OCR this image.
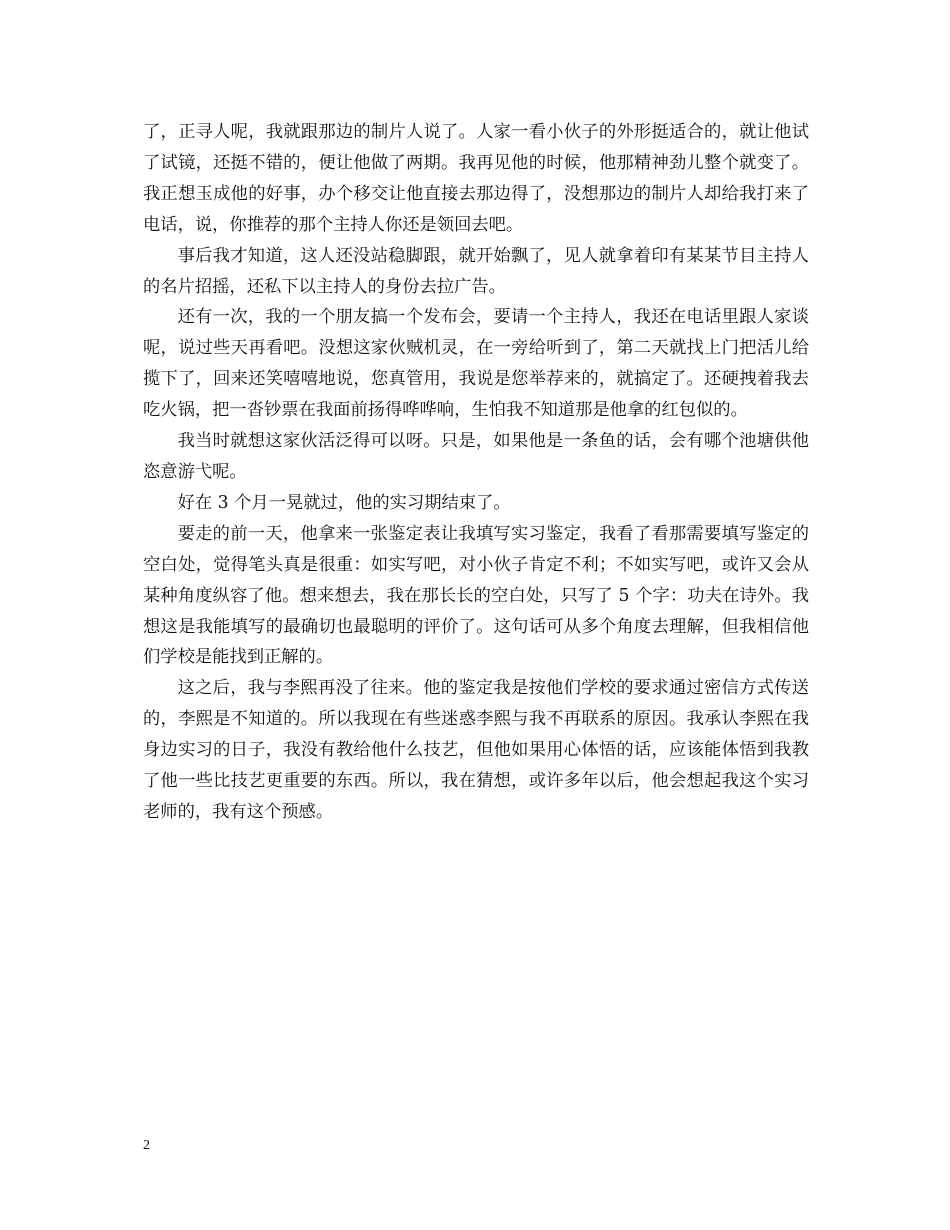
了，正寻人呢，我就跟那边的制片人说了。人家一看小伙子的外形挺适合的，就让他试了试镜，还挺不错的，便让他做了两期。我再见他的时候，他那精神劲儿整个就变了。我正想玉成他的好事，办个移交让他直接去那边得了，没想那边的制片人却给我打来了电话，说，你推荐的那个主持人你还是领回去吧。

事后我才知道，这人还没站稳脚跟，就开始飘了，见人就拿着印有某某节目主持人的名片招摇，还私下以主持人的身份去拉广告。

还有一次，我的一个朋友搞一个发布会，要请一个主持人，我还在电话里跟人家谈呢，说过些天再看吧。没想这家伙贼机灵，在一旁给听到了，第二天就找上门把活儿给揽下了，回来还笑嘻嘻地说，您真管用，我说是您举荐来的，就搞定了。还硬拽着我去吃火锅，把一沓钞票在我面前扬得哗哗响，生怕我不知道那是他拿的红包似的。

我当时就想这家伙活泛得可以呀。只是，如果他是一条鱼的话，会有哪个池塘供他恣意游弋呢。

好在 3 个月一晃就过，他的实习期结束了。

要走的前一天，他拿来一张鉴定表让我填写实习鉴定，我看了看那需要填写鉴定的空白处，觉得笔头真是很重：如实写吧，对小伙子肯定不利；不如实写吧，或许又会从某种角度纵容了他。想来想去，我在那长长的空白处，只写了 5 个字：功夫在诗外。我想这是我能填写的最确切也最聪明的评价了。这句话可从多个角度去理解，但我相信他们学校是能找到正解的。

这之后，我与李熙再没了往来。他的鉴定我是按他们学校的要求通过密信方式传送的，李熙是不知道的。所以我现在有些迷惑李熙与我不再联系的原因。我承认李熙在我身边实习的日子，我没有教给他什么技艺，但他如果用心体悟的话，应该能体悟到我教了他一些比技艺更重要的东西。所以，我在猜想，或许多年以后，他会想起我这个实习老师的，我有这个预感。

2
